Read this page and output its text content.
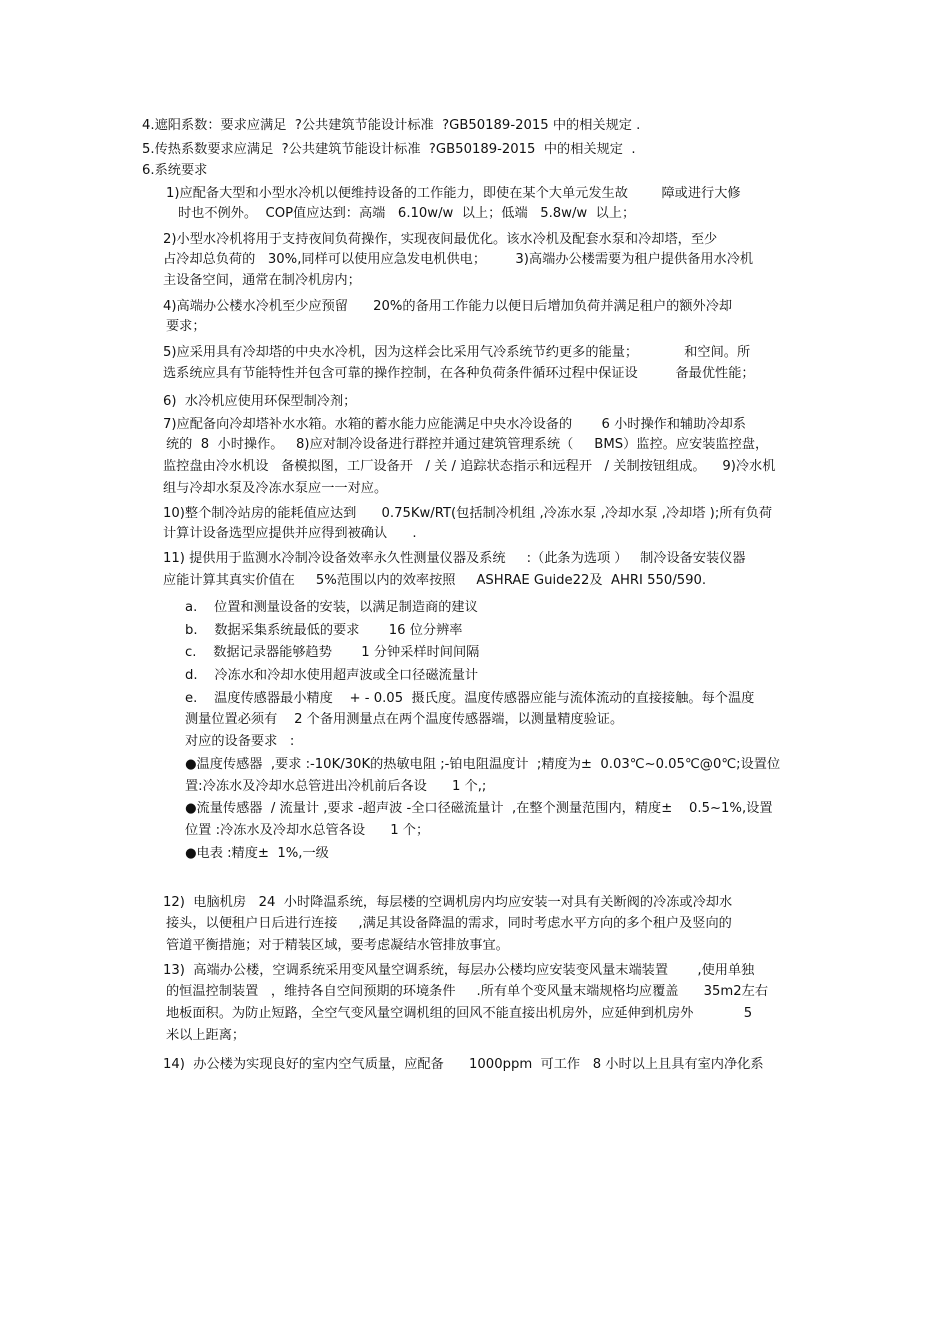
4.遮阳系数：要求应满足  ?公共建筑节能设计标准  ?GB50189-2015 中的相关规定 .
5.传热系数要求应满足  ?公共建筑节能设计标准  ?GB50189-2015  中的相关规定  .
6.系统要求
1)应配备大型和小型水冷机以便维持设备的工作能力，即使在某个大单元发生故        障或进行大修
时也不例外。  COP值应达到：高端   6.10w/w  以上；低端   5.8w/w  以上；
2)小型水冷机将用于支持夜间负荷操作，实现夜间最优化。该水冷机及配套水泵和冷却塔，至少
占冷却总负荷的   30%,同样可以使用应急发电机供电；       3)高端办公楼需要为租户提供备用水冷机
主设备空间，通常在制冷机房内；
4)高端办公楼水冷机至少应预留      20%的备用工作能力以便日后增加负荷并满足租户的额外冷却
要求；
5)应采用具有冷却塔的中央水冷机，因为这样会比采用气冷系统节约更多的能量；           和空间。所
选系统应具有节能特性并包含可靠的操作控制，在各种负荷条件循环过程中保证设         备最优性能；
6)  水冷机应使用环保型制冷剂；
7)应配备向冷却塔补水水箱。水箱的蓄水能力应能满足中央水冷设备的       6 小时操作和辅助冷却系
统的  8  小时操作。   8)应对制冷设备进行群控并通过建筑管理系统（     BMS）监控。应安装监控盘，
监控盘由冷水机设   备模拟图，工厂设备开   / 关 / 追踪状态指示和远程开   / 关制按钮组成。    9)冷水机
组与冷却水泵及冷冻水泵应一一对应。
10)整个制冷站房的能耗值应达到      0.75Kw/RT(包括制冷机组 ,冷冻水泵 ,冷却水泵 ,冷却塔 );所有负荷
计算计设备选型应提供并应得到被确认      .
11) 提供用于监测水冷制冷设备效率永久性测量仪器及系统     :（此条为选项 ）   制冷设备安装仪器
应能计算其真实价值在     5%范围以内的效率按照     ASHRAE Guide22及  AHRI 550/590.
a.    位置和测量设备的安装，以满足制造商的建议
b.    数据采集系统最低的要求       16 位分辨率
c.    数据记录器能够趋势       1 分钟采样时间间隔
d.    冷冻水和冷却水使用超声波或全口径磁流量计
e.    温度传感器最小精度    + - 0.05  摄氏度。温度传感器应能与流体流动的直接接触。每个温度
测量位置必须有    2 个备用测量点在两个温度传感器端，以测量精度验证。
对应的设备要求   :
●温度传感器  ,要求 :-10K/30K的热敏电阻 ;-铂电阻温度计  ;精度为±  0.03℃~0.05℃@0℃;设置位
置:冷冻水及冷却水总管进出冷机前后各设      1 个,;
●流量传感器  / 流量计 ,要求 -超声波 -全口径磁流量计  ,在整个测量范围内，精度±    0.5~1%,设置
位置 :冷冻水及冷却水总管各设      1 个；
●电表 :精度±  1%,一级
12)  电脑机房   24  小时降温系统，每层楼的空调机房内均应安装一对具有关断阀的冷冻或冷却水
接头，以便租户日后进行连接     ,满足其设备降温的需求，同时考虑水平方向的多个租户及竖向的
管道平衡措施；对于精装区域，要考虑凝结水管排放事宜。
13)  高端办公楼，空调系统采用变风量空调系统，每层办公楼均应安装变风量末端装置       ,使用单独
的恒温控制装置   ，维持各自空间预期的环境条件     .所有单个变风量末端规格均应覆盖      35m2左右
地板面积。为防止短路，全空气变风量空调机组的回风不能直接出机房外，应延伸到机房外            5
米以上距离；
14)  办公楼为实现良好的室内空气质量，应配备      1000ppm  可工作   8 小时以上且具有室内净化系
